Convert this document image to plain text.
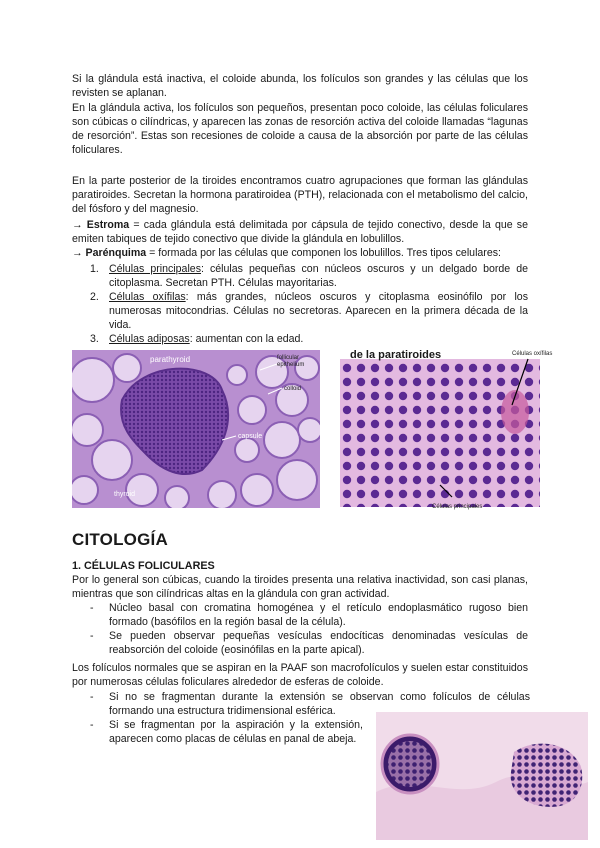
Si la glándula está inactiva, el coloide abunda, los folículos son grandes y las células que los revisten se aplanan.

En la glándula activa, los folículos son pequeños, presentan poco coloide, las células foliculares son cúbicas o cilíndricas, y aparecen las zonas de resorción activa del coloide llamadas “lagunas de resorción”. Estas son recesiones de coloide a causa de la absorción por parte de las células foliculares.

En la parte posterior de la tiroides encontramos cuatro agrupaciones que forman las glándulas paratiroides. Secretan la hormona paratiroidea (PTH), relacionada con el metabolismo del calcio, del fósforo y del magnesio.

→ Estroma = cada glándula está delimitada por cápsula de tejido conectivo, desde la que se emiten tabiques de tejido conectivo que divide la glándula en lobulillos.
→ Parénquima = formada por las células que componen los lobulillos. Tres tipos celulares:
1. Células principales: células pequeñas con núcleos oscuros y un delgado borde de citoplasma. Secretan PTH. Células mayoritarias.
2. Células oxífilas: más grandes, núcleos oscuros y citoplasma eosinófilo por los numerosas mitocondrias. Células no secretoras. Aparecen en la primera década de la vida.
3. Células adiposas: aumentan con la edad.
parathyroid	follicular
epithelium
colloid
capsule
thyroid
de la paratiroides	Células oxífilas
Células principales
CITOLOGÍA
1. CÉLULAS FOLICULARES

Por lo general son cúbicas, cuando la tiroides presenta una relativa inactividad, son casi planas, mientras que son cilíndricas altas en la glándula con gran actividad.

- Núcleo basal con cromatina homogénea y el retículo endoplasmático rugoso bien formado (basófilos en la región basal de la célula).
- Se pueden observar pequeñas vesículas endocíticas denominadas vesículas de reabsorción del coloide (eosinófilas en la parte apical).

Los folículos normales que se aspiran en la PAAF son macrofolículos y suelen estar constituidos por numerosas células foliculares alrededor de esferas de coloide.

- Si no se fragmentan durante la extensión se observan como folículos de células formando una estructura tridimensional esférica.
- Si se fragmentan por la aspiración y la extensión, aparecen como placas de células en panal de abeja.
